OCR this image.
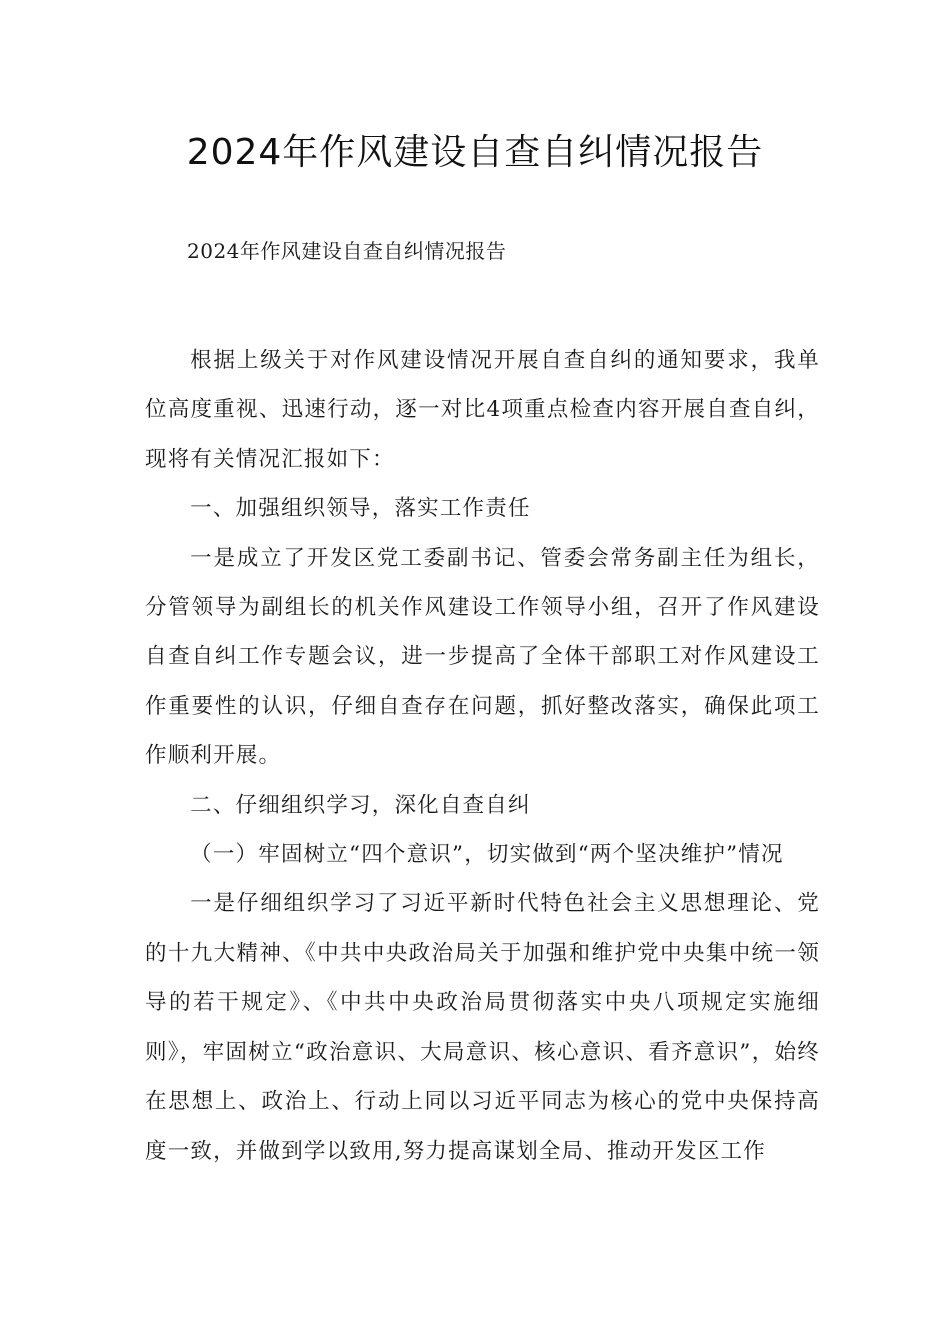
2024年作风建设自查自纠情况报告

2024年作风建设自查自纠情况报告

根据上级关于对作风建设情况开展自查自纠的通知要求，我单位高度重视、迅速行动，逐一对比4项重点检查内容开展自查自纠，现将有关情况汇报如下：

一、加强组织领导，落实工作责任

一是成立了开发区党工委副书记、管委会常务副主任为组长，分管领导为副组长的机关作风建设工作领导小组，召开了作风建设自查自纠工作专题会议，进一步提高了全体干部职工对作风建设工作重要性的认识，仔细自查存在问题，抓好整改落实，确保此项工作顺利开展。

二、仔细组织学习，深化自查自纠

（一）牢固树立“四个意识”，切实做到“两个坚决维护”情况

一是仔细组织学习了习近平新时代特色社会主义思想理论、党的十九大精神、《中共中央政治局关于加强和维护党中央集中统一领导的若干规定》、《中共中央政治局贯彻落实中央八项规定实施细则》，牢固树立“政治意识、大局意识、核心意识、看齐意识”，始终在思想上、政治上、行动上同以习近平同志为核心的党中央保持高度一致，并做到学以致用,努力提高谋划全局、推动开发区工作
